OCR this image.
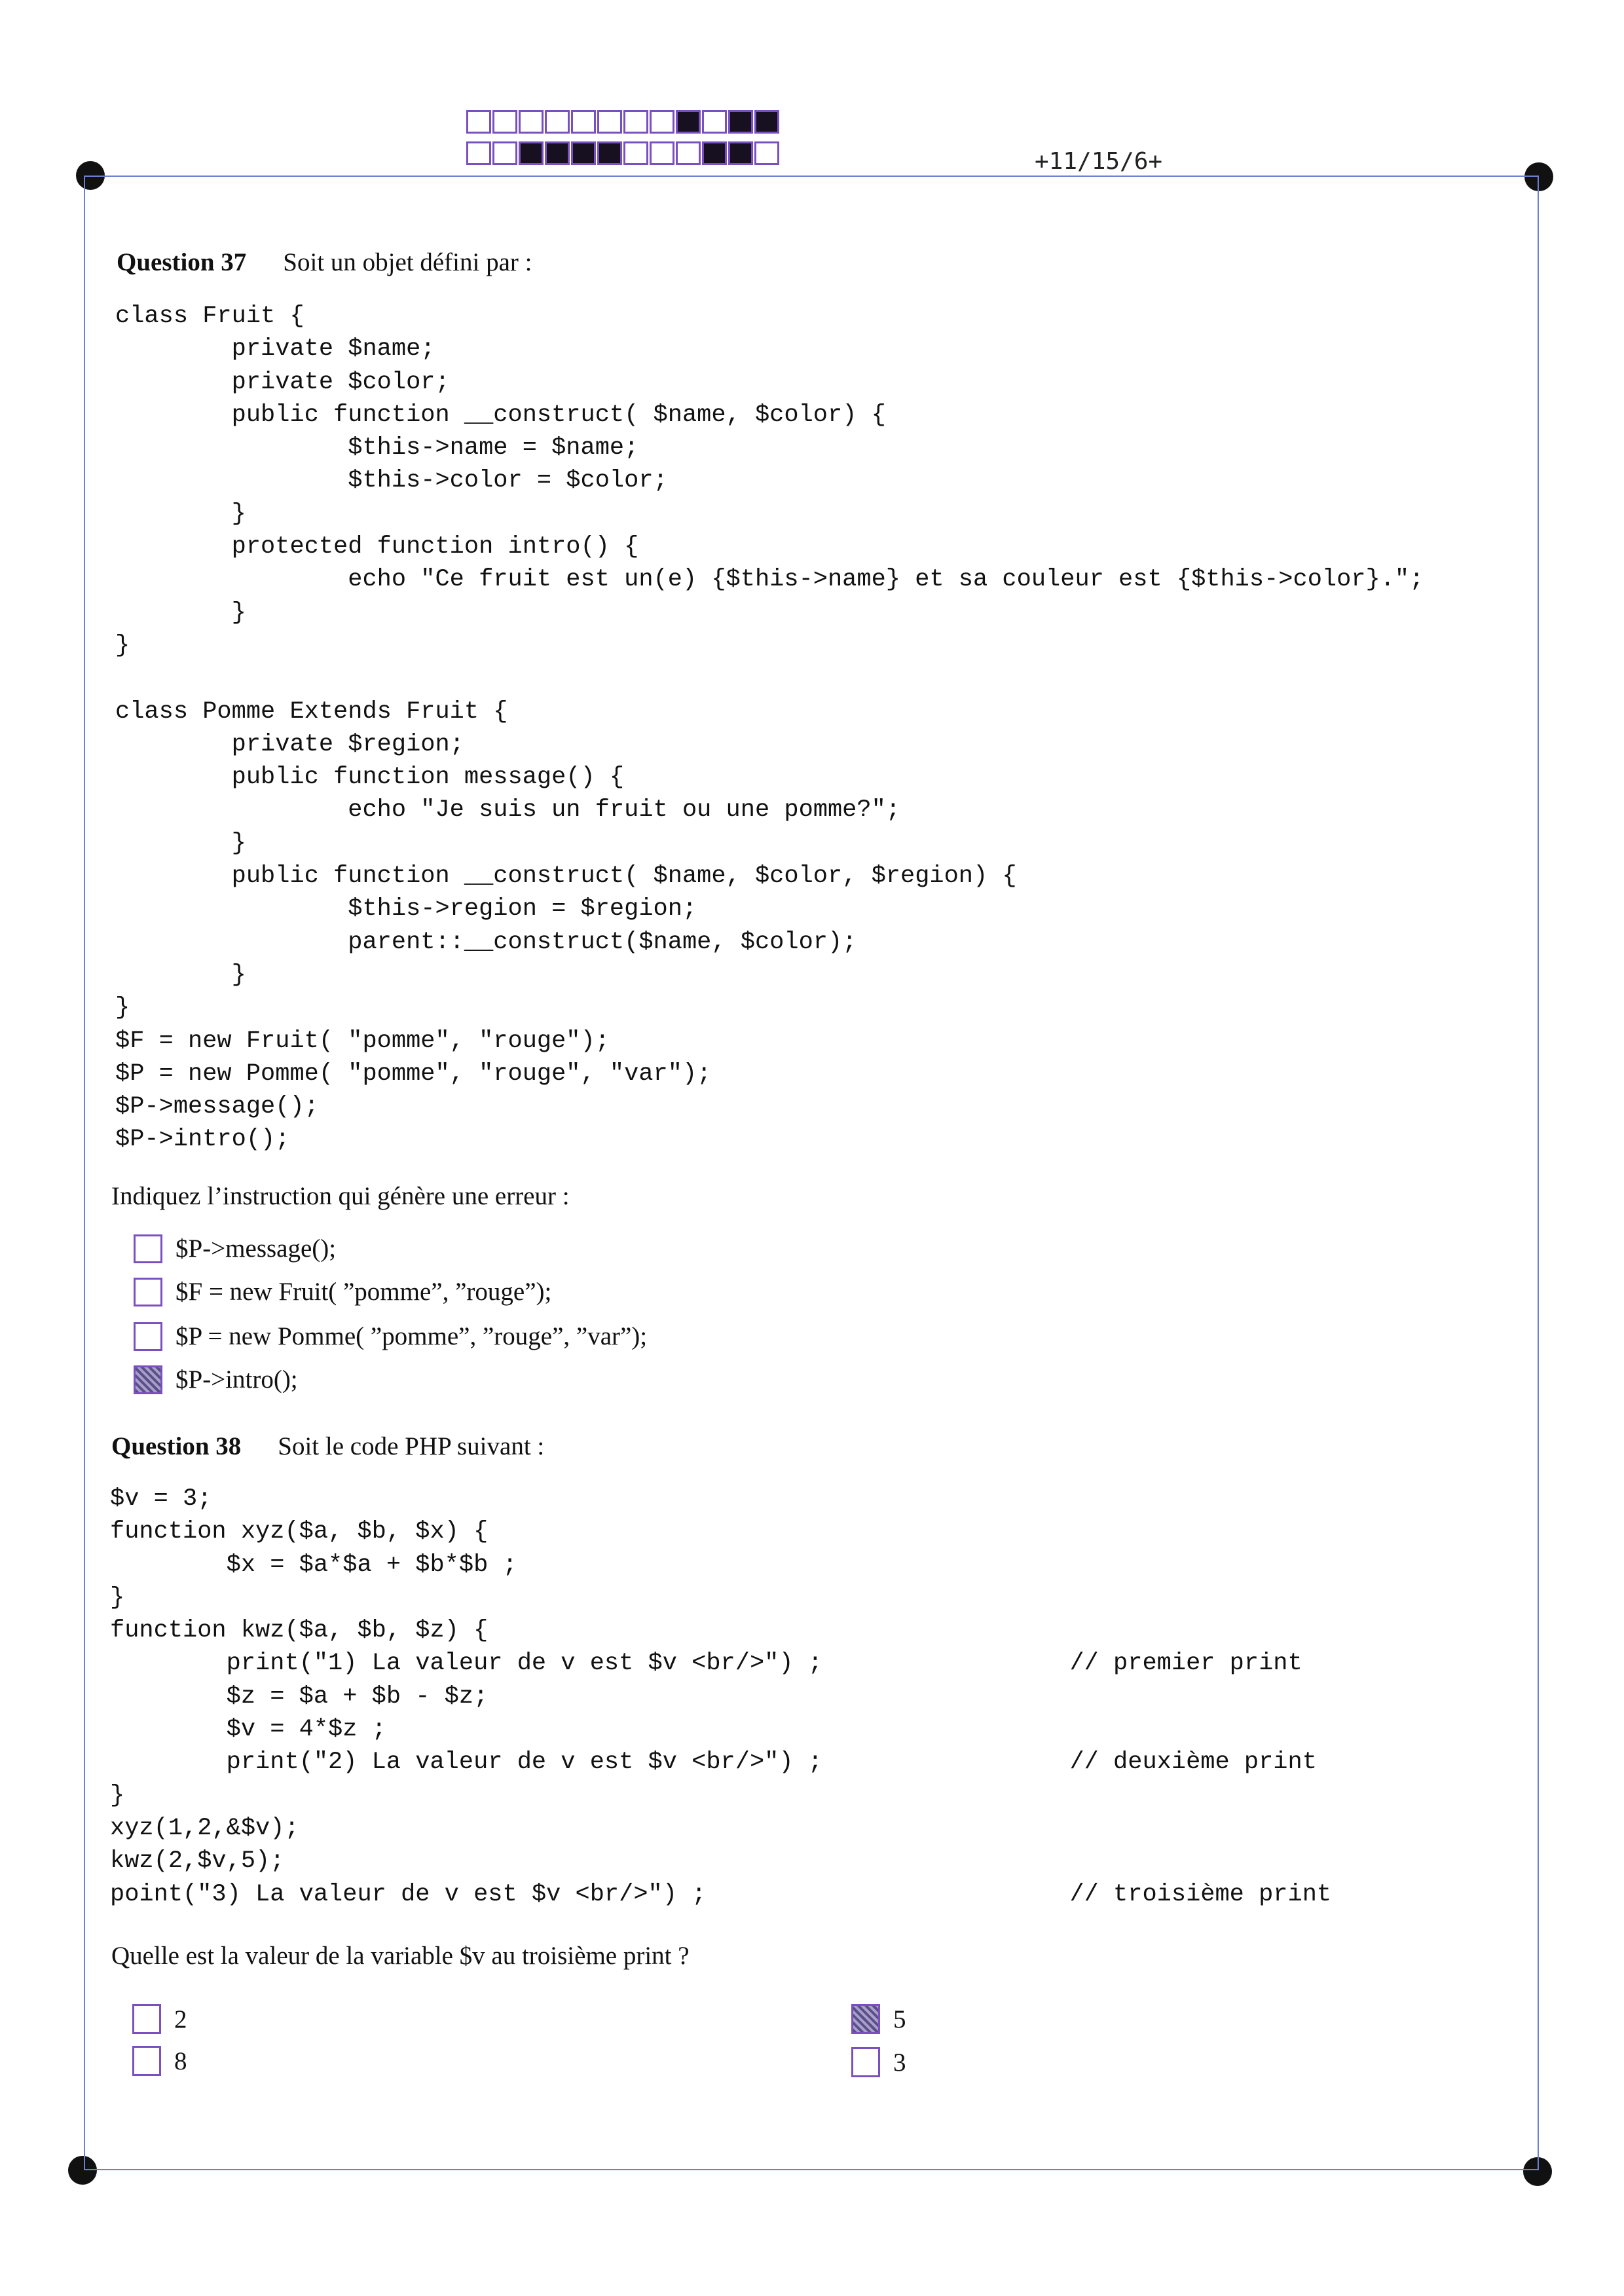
+11/15/6+
Question 37 Soit un objet défini par :
class Fruit {
private $name;
private $color;
public function __construct( $name, $color) {
$this->name = $name;
$this->color = $color;
}
protected function intro() {
echo "Ce fruit est un(e) {$this->name} et sa couleur est {$this->color}.";
}
}

class Pomme Extends Fruit {
private $region;
public function message() {
echo "Je suis un fruit ou une pomme?";
}
public function __construct( $name, $color, $region) {
$this->region = $region;
parent::__construct($name, $color);
}
}
$F = new Fruit( "pomme", "rouge");
$P = new Pomme( "pomme", "rouge", "var");
$P->message();
$P->intro();
Indiquez l’instruction qui génère une erreur :
$P->message();
$F = new Fruit( ”pomme”, ”rouge”);
$P = new Pomme( ”pomme”, ”rouge”, ”var”);
$P->intro();
Question 38 Soit le code PHP suivant :
$v = 3;
function xyz($a, $b, $x) {
$x = $a*$a + $b*$b ;
}
function kwz($a, $b, $z) {
print("1) La valeur de v est $v <br/>") ;                 // premier print
$z = $a + $b - $z;
$v = 4*$z ;
print("2) La valeur de v est $v <br/>") ;                 // deuxième print
}
xyz(1,2,&$v);
kwz(2,$v,5);
point("3) La valeur de v est $v <br/>") ;                         // troisième print
Quelle est la valeur de la variable $v au troisième print ?
2	5
8	3
